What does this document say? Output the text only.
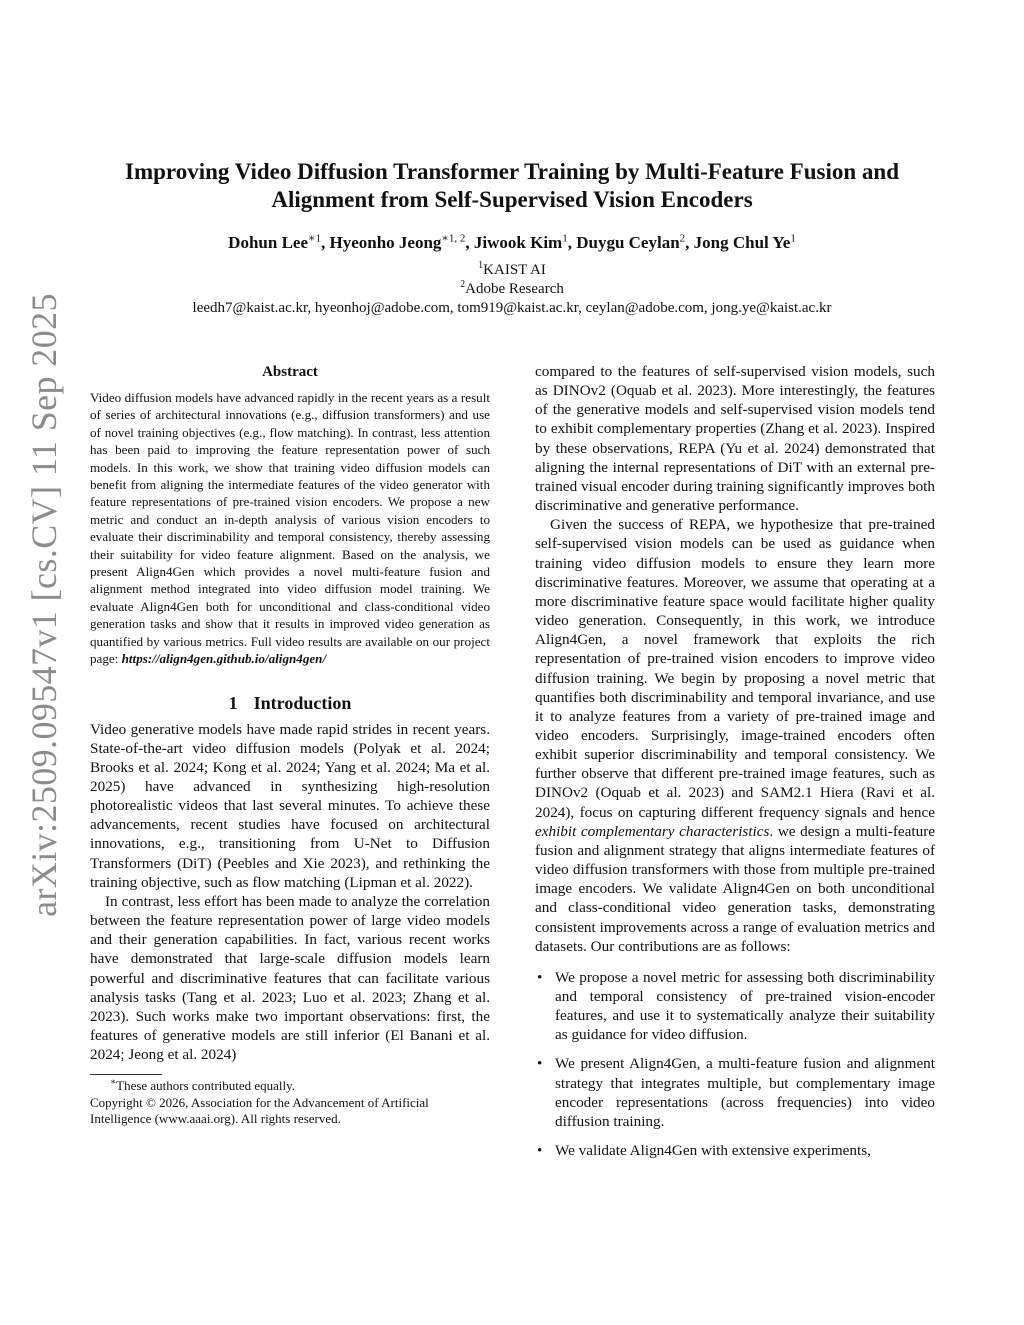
arXiv:2509.09547v1 [cs.CV] 11 Sep 2025
Improving Video Diffusion Transformer Training by Multi-Feature Fusion and
Alignment from Self-Supervised Vision Encoders
Dohun Lee$^{∗1}$, Hyeonho Jeong$^{∗1, 2}$, Jiwook Kim$^1$, Duygu Ceylan$^2$, Jong Chul Ye$^1$
$^1$KAIST AI
$^2$Adobe Research
leedh7@kaist.ac.kr, hyeonhoj@adobe.com, tom919@kaist.ac.kr, ceylan@adobe.com, jong.ye@kaist.ac.kr
Abstract

Video diffusion models have advanced rapidly in the recent years as a result of series of architectural innovations (e.g., diffusion transformers) and use of novel training objectives (e.g., flow matching). In contrast, less attention has been paid to improving the feature representation power of such models. In this work, we show that training video diffusion models can benefit from aligning the intermediate features of the video generator with feature representations of pre-trained vision encoders. We propose a new metric and conduct an in-depth analysis of various vision encoders to evaluate their discriminability and temporal consistency, thereby assessing their suitability for video feature alignment. Based on the analysis, we present Align4Gen which provides a novel multi-feature fusion and alignment method integrated into video diffusion model training. We evaluate Align4Gen both for unconditional and class-conditional video generation tasks and show that it results in improved video generation as quantified by various metrics. Full video results are available on our project page: https://align4gen.github.io/align4gen/

1 Introduction

Video generative models have made rapid strides in recent years. State-of-the-art video diffusion models (Polyak et al. 2024; Brooks et al. 2024; Kong et al. 2024; Yang et al. 2024; Ma et al. 2025) have advanced in synthesizing high-resolution photorealistic videos that last several minutes. To achieve these advancements, recent studies have focused on architectural innovations, e.g., transitioning from U-Net to Diffusion Transformers (DiT) (Peebles and Xie 2023), and rethinking the training objective, such as flow matching (Lipman et al. 2022).

In contrast, less effort has been made to analyze the correlation between the feature representation power of large video models and their generation capabilities. In fact, various recent works have demonstrated that large-scale diffusion models learn powerful and discriminative features that can facilitate various analysis tasks (Tang et al. 2023; Luo et al. 2023; Zhang et al. 2023). Such works make two important observations: first, the features of generative models are still inferior (El Banani et al. 2024; Jeong et al. 2024)

∗These authors contributed equally.
Copyright © 2026, Association for the Advancement of Artificial Intelligence (www.aaai.org). All rights reserved.

compared to the features of self-supervised vision models, such as DINOv2 (Oquab et al. 2023). More interestingly, the features of the generative models and self-supervised vision models tend to exhibit complementary properties (Zhang et al. 2023). Inspired by these observations, REPA (Yu et al. 2024) demonstrated that aligning the internal representations of DiT with an external pre-trained visual encoder during training significantly improves both discriminative and generative performance.

Given the success of REPA, we hypothesize that pre-trained self-supervised vision models can be used as guidance when training video diffusion models to ensure they learn more discriminative features. Moreover, we assume that operating at a more discriminative feature space would facilitate higher quality video generation. Consequently, in this work, we introduce Align4Gen, a novel framework that exploits the rich representation of pre-trained vision encoders to improve video diffusion training. We begin by proposing a novel metric that quantifies both discriminability and temporal invariance, and use it to analyze features from a variety of pre-trained image and video encoders. Surprisingly, image-trained encoders often exhibit superior discriminability and temporal consistency. We further observe that different pre-trained image features, such as DINOv2 (Oquab et al. 2023) and SAM2.1 Hiera (Ravi et al. 2024), focus on capturing different frequency signals and hence exhibit complementary characteristics. we design a multi-feature fusion and alignment strategy that aligns intermediate features of video diffusion transformers with those from multiple pre-trained image encoders. We validate Align4Gen on both unconditional and class-conditional video generation tasks, demonstrating consistent improvements across a range of evaluation metrics and datasets. Our contributions are as follows:

• We propose a novel metric for assessing both discriminability and temporal consistency of pre-trained vision-encoder features, and use it to systematically analyze their suitability as guidance for video diffusion.
• We present Align4Gen, a multi-feature fusion and alignment strategy that integrates multiple, but complementary image encoder representations (across frequencies) into video diffusion training.
• We validate Align4Gen with extensive experiments,
